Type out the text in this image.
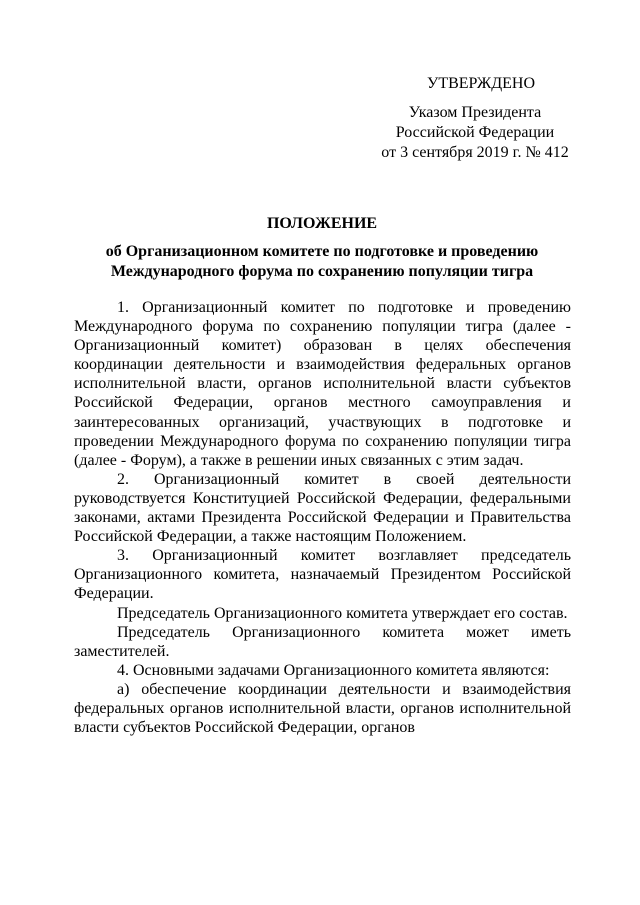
УТВЕРЖДЕНО
Указом Президента
Российской Федерации
от 3 сентября 2019 г. № 412
ПОЛОЖЕНИЕ
об Организационном комитете по подготовке и проведению Международного форума по сохранению популяции тигра

1. Организационный комитет по подготовке и проведению Международного форума по сохранению популяции тигра (далее - Организационный комитет) образован в целях обеспечения координации деятельности и взаимодействия федеральных органов исполнительной власти, органов исполнительной власти субъектов Российской Федерации, органов местного самоуправления и заинтересованных организаций, участвующих в подготовке и проведении Международного форума по сохранению популяции тигра (далее - Форум), а также в решении иных связанных с этим задач.

2. Организационный комитет в своей деятельности руководствуется Конституцией Российской Федерации, федеральными законами, актами Президента Российской Федерации и Правительства Российской Федерации, а также настоящим Положением.

3. Организационный комитет возглавляет председатель Организационного комитета, назначаемый Президентом Российской Федерации.

Председатель Организационного комитета утверждает его состав.

Председатель Организационного комитета может иметь заместителей.

4. Основными задачами Организационного комитета являются:

а) обеспечение координации деятельности и взаимодействия федеральных органов исполнительной власти, органов исполнительной власти субъектов Российской Федерации, органов
